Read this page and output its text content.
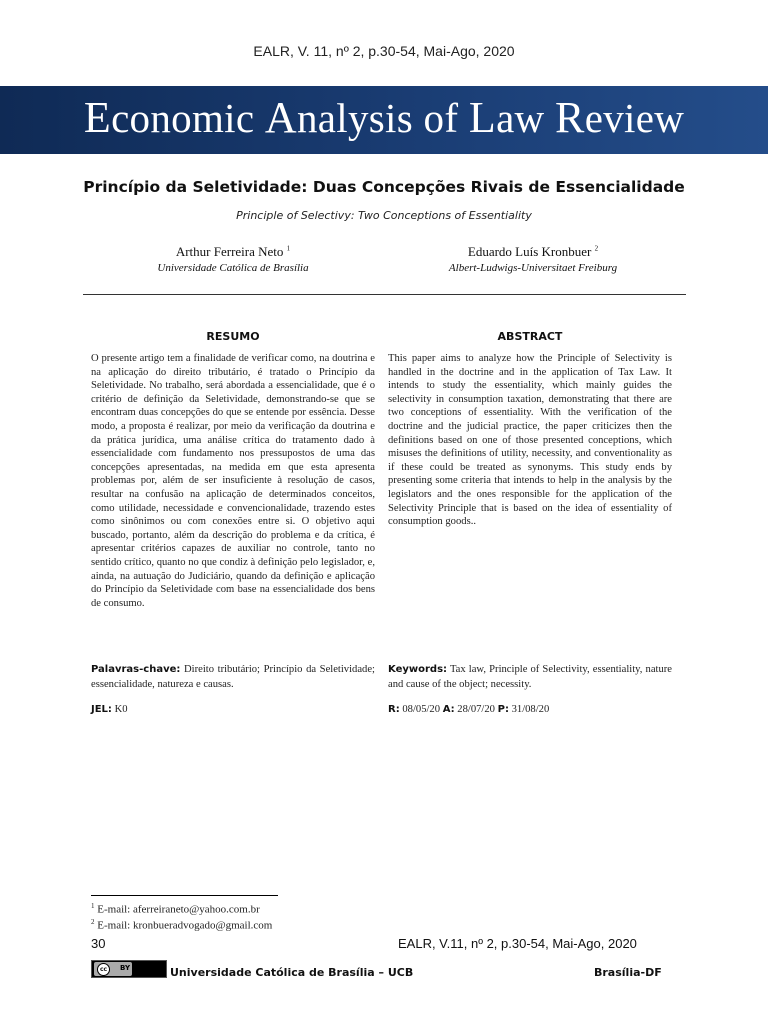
EALR, V. 11, nº 2, p.30-54, Mai-Ago, 2020
Economic Analysis of Law Review
Princípio da Seletividade: Duas Concepções Rivais de Essencialidade
Principle of Selectivy: Two Conceptions of Essentiality
Arthur Ferreira Neto $^1$
Universidade Católica de Brasília
Eduardo Luís Kronbuer $^2$
Albert-Ludwigs-Universitaet Freiburg
RESUMO
O presente artigo tem a finalidade de verificar como, na doutrina e na aplicação do direito tributário, é tratado o Princípio da Seletividade. No trabalho, será abordada a essencialidade, que é o critério de definição da Seletividade, demonstrando-se que se encontram duas concepções do que se entende por essência. Desse modo, a proposta é realizar, por meio da verificação da doutrina e da prática jurídica, uma análise crítica do tratamento dado à essencialidade com fundamento nos pressupostos de uma das concepções apresentadas, na medida em que esta apresenta problemas por, além de ser insuficiente à resolução de casos, resultar na confusão na aplicação de determinados conceitos, como utilidade, necessidade e convencionalidade, trazendo estes como sinônimos ou com conexões entre si. O objetivo aqui buscado, portanto, além da descrição do problema e da crítica, é apresentar critérios capazes de auxiliar no controle, tanto no sentido crítico, quanto no que condiz à definição pelo legislador, e, ainda, na autuação do Judiciário, quando da definição e aplicação do Princípio da Seletividade com base na essencialidade dos bens de consumo.
Palavras-chave: Direito tributário; Princípio da Seletividade; essencialidade, natureza e causas.
JEL: K0
ABSTRACT
This paper aims to analyze how the Principle of Selectivity is handled in the doctrine and in the application of Tax Law. It intends to study the essentiality, which mainly guides the selectivity in consumption taxation, demonstrating that there are two conceptions of essentiality. With the verification of the doctrine and the judicial practice, the paper criticizes then the definitions based on one of those presented conceptions, which misuses the definitions of utility, necessity, and conventionality as if these could be treated as synonyms. This study ends by presenting some criteria that intends to help in the analysis by the legislators and the ones responsible for the application of the Selectivity Principle that is based on the idea of essentiality of consumption goods..
Keywords: Tax law, Principle of Selectivity, essentiality, nature and cause of the object; necessity.
R: 08/05/20 A: 28/07/20 P: 31/08/20
$^1$ E-mail: aferreiraneto@yahoo.com.br
$^2$ E-mail: kronbueradvogado@gmail.com
30	EALR, V.11, nº 2, p.30-54, Mai-Ago, 2020
cc	BY	Universidade Católica de Brasília – UCB	Brasília-DF
